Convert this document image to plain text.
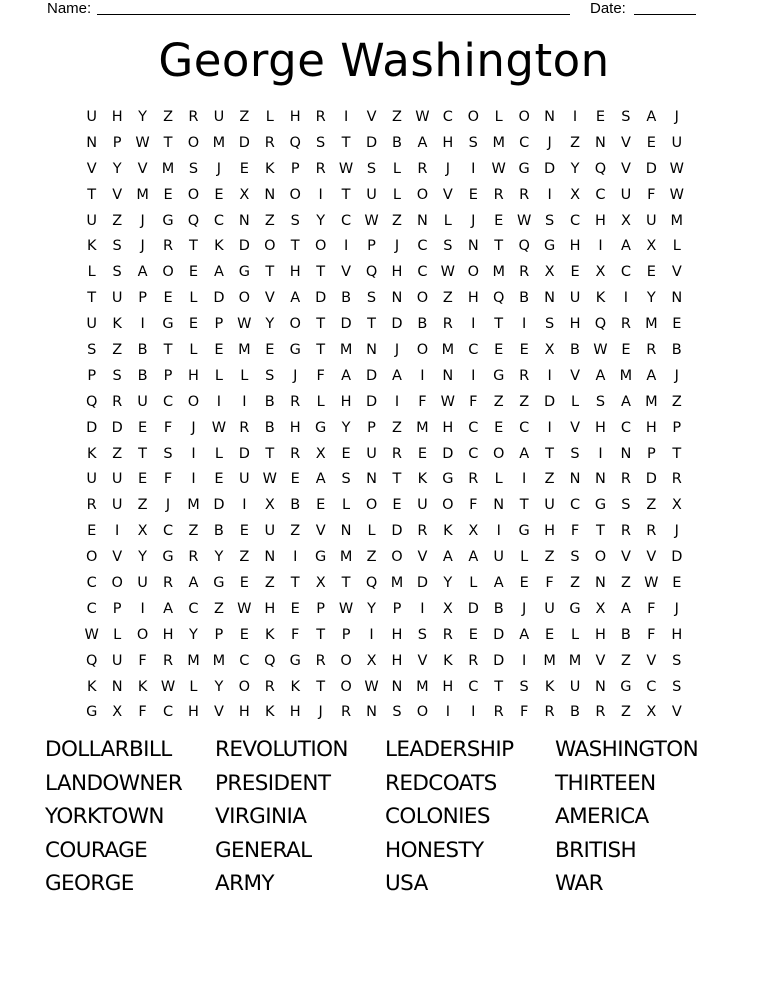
Name:	Date:
George Washington
U	H	Y	Z	R	U	Z	L	H	R	I	V	Z W C	O	L	O N	I	E	S	A	J
N	P W T	O M D	R	Q	S	T	D	B	A	H	S	M C	J	Z	N	V	E	U
V	Y	V M	S	J	E	K	P	R W S	L	R	J	I	W G D	Y	Q	V	D W
T	V M	E	O	E	X	N O	I	T	U	L	O	V	E	R	R	I	X	C	U	F W
U	Z	J	G Q	C	N	Z	S	Y	C W Z	N	L	J	E W S	C	H	X	U M
K	S	J	R	T	K	D O	T	O	I	P	J	C	S	N	T	Q G H	I	A	X	L
L	S	A	O	E	A	G	T	H	T	V	Q H	C W O M R	X	E	X	C	E	V
T	U	P	E	L	D O	V	A	D	B	S	N O	Z	H Q	B	N	U	K	I	Y	N
U	K	I	G	E	P W Y	O	T	D	T	D	B	R	I	T	I	S	H Q	R M	E
S	Z	B	T	L	E	M	E	G	T	M N	J	O M C	E	E	X	B W E	R	B
P	S	B	P	H	L	L	S	J	F	A	D	A	I	N	I	G	R	I	V	A M A	J
Q	R	U	C	O	I	I	B	R	L	H D	I	F W F	Z	Z	D	L	S	A M Z
D D	E	F	J	W R	B	H G	Y	P	Z M H	C	E	C	I	V	H	C	H	P
K	Z	T	S	I	L	D	T	R	X	E	U	R	E	D	C	O	A	T	S	I	N	P	T
U	U	E	F	I	E	U W E	A	S	N	T	K	G	R	L	I	Z	N	N	R	D	R
R	U	Z	J	M D	I	X	B	E	L	O	E	U O	F	N	T	U	C	G	S	Z	X
E	I	X	C	Z	B	E	U	Z	V	N	L	D	R	K	X	I	G H	F	T	R	R	J
O	V	Y	G	R	Y	Z	N	I	G M Z	O	V	A	A	U	L	Z	S	O	V	V	D
C	O U	R	A	G	E	Z	T	X	T	Q M D	Y	L	A	E	F	Z	N	Z W E
C	P	I	A	C	Z W H	E	P W Y	P	I	X	D	B	J	U	G	X	A	F	J
W L	O H	Y	P	E	K	F	T	P	I	H	S	R	E	D	A	E	L	H	B	F	H
Q U	F	R M M C	Q G	R	O	X	H	V	K	R	D	I	M M V	Z	V	S
K	N	K W L	Y	O	R	K	T	O W N M H	C	T	S	K	U	N G	C	S
G	X	F	C	H	V	H	K	H	J	R	N	S	O	I	I	R	F	R	B	R	Z	X	V
DOLLARBILL	REVOLUTION	LEADERSHIP	WASHINGTON
LANDOWNER	PRESIDENT	REDCOATS	THIRTEEN
YORKTOWN	VIRGINIA	COLONIES	AMERICA
COURAGE	GENERAL	HONESTY	BRITISH
GEORGE	ARMY	USA	WAR
